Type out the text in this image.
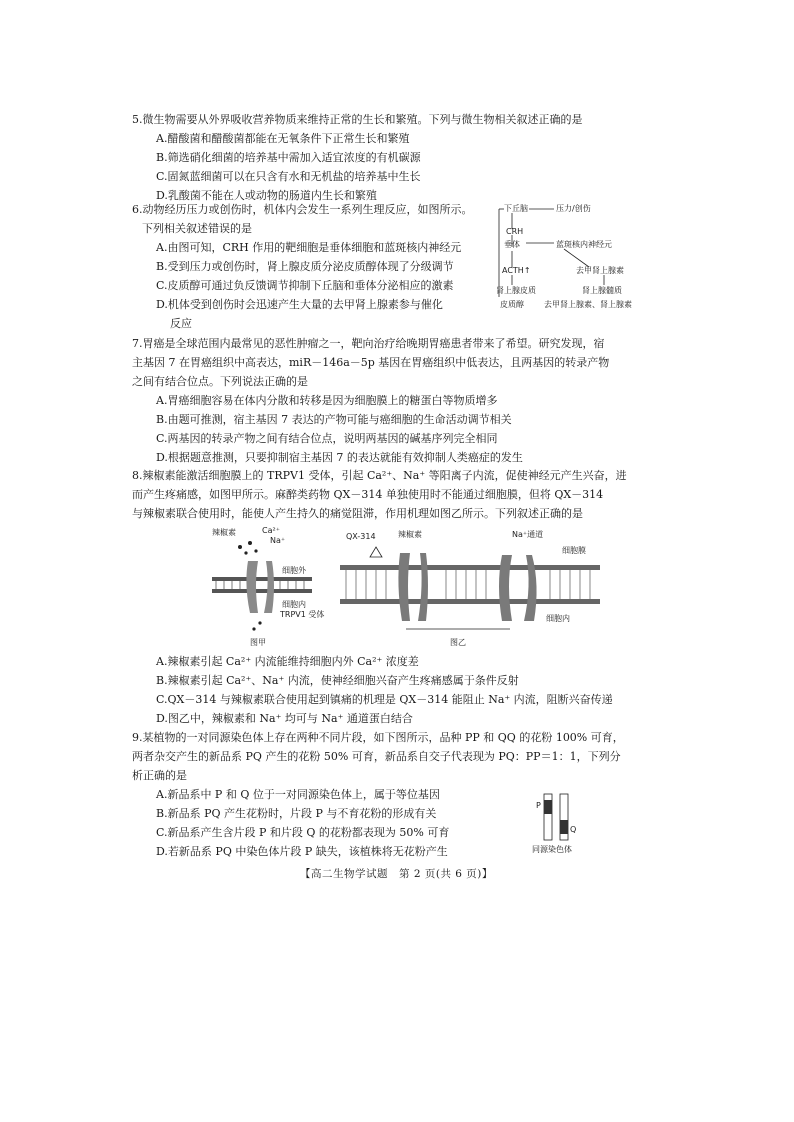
5.微生物需要从外界吸收营养物质来维持正常的生长和繁殖。下列与微生物相关叙述正确的是

A.醋酸菌和醋酸菌都能在无氧条件下正常生长和繁殖

B.筛选硝化细菌的培养基中需加入适宜浓度的有机碳源

C.固氮蓝细菌可以在只含有水和无机盐的培养基中生长

D.乳酸菌不能在人或动物的肠道内生长和繁殖

6.动物经历压力或创伤时，机体内会发生一系列生理反应，如图所示。

下列相关叙述错误的是

A.由图可知，CRH 作用的靶细胞是垂体细胞和蓝斑核内神经元

B.受到压力或创伤时，肾上腺皮质分泌皮质醇体现了分级调节

C.皮质醇可通过负反馈调节抑制下丘脑和垂体分泌相应的激素

D.机体受到创伤时会迅速产生大量的去甲肾上腺素参与催化

反应

下丘脑	压力/创伤
CRH
垂体	蓝斑核内神经元
ACTH↑	去甲肾上腺素
肾上腺皮质	肾上腺髓质
皮质醇	去甲肾上腺素、肾上腺素

7.胃癌是全球范围内最常见的恶性肿瘤之一，靶向治疗给晚期胃癌患者带来了希望。研究发现，宿

主基因 7 在胃癌组织中高表达，miR－146a－5p 基因在胃癌组织中低表达，且两基因的转录产物

之间有结合位点。下列说法正确的是

A.胃癌细胞容易在体内分散和转移是因为细胞膜上的糖蛋白等物质增多

B.由题可推测，宿主基因 7 表达的产物可能与癌细胞的生命活动调节相关

C.两基因的转录产物之间有结合位点，说明两基因的碱基序列完全相同

D.根据题意推测，只要抑制宿主基因 7 的表达就能有效抑制人类癌症的发生

8.辣椒素能激活细胞膜上的 TRPV1 受体，引起 Ca²⁺、Na⁺ 等阳离子内流，促使神经元产生兴奋，进

而产生疼痛感，如图甲所示。麻醉类药物 QX－314 单独使用时不能通过细胞膜，但将 QX－314

与辣椒素联合使用时，能使人产生持久的痛觉阻滞，作用机理如图乙所示。下列叙述正确的是

辣椒素	Ca²⁺
Na⁺
细胞外
细胞内
TRPV1 受体
图甲
QX-314	辣椒素	Na⁺通道
细胞膜
细胞内
图乙

A.辣椒素引起 Ca²⁺ 内流能维持细胞内外 Ca²⁺ 浓度差

B.辣椒素引起 Ca²⁺、Na⁺ 内流，使神经细胞兴奋产生疼痛感属于条件反射

C.QX－314 与辣椒素联合使用起到镇痛的机理是 QX－314 能阻止 Na⁺ 内流，阻断兴奋传递

D.图乙中，辣椒素和 Na⁺ 均可与 Na⁺ 通道蛋白结合

9.某植物的一对同源染色体上存在两种不同片段，如下图所示，品种 PP 和 QQ 的花粉 100% 可育，

两者杂交产生的新品系 PQ 产生的花粉 50% 可育，新品系自交子代表现为 PQ：PP＝1：1，下列分

析正确的是

A.新品系中 P 和 Q 位于一对同源染色体上，属于等位基因

B.新品系 PQ 产生花粉时，片段 P 与不育花粉的形成有关

C.新品系产生含片段 P 和片段 Q 的花粉都表现为 50% 可育

D.若新品系 PQ 中染色体片段 P 缺失，该植株将无花粉产生

P
Q
同源染色体
【高二生物学试题　第 2 页(共 6 页)】
